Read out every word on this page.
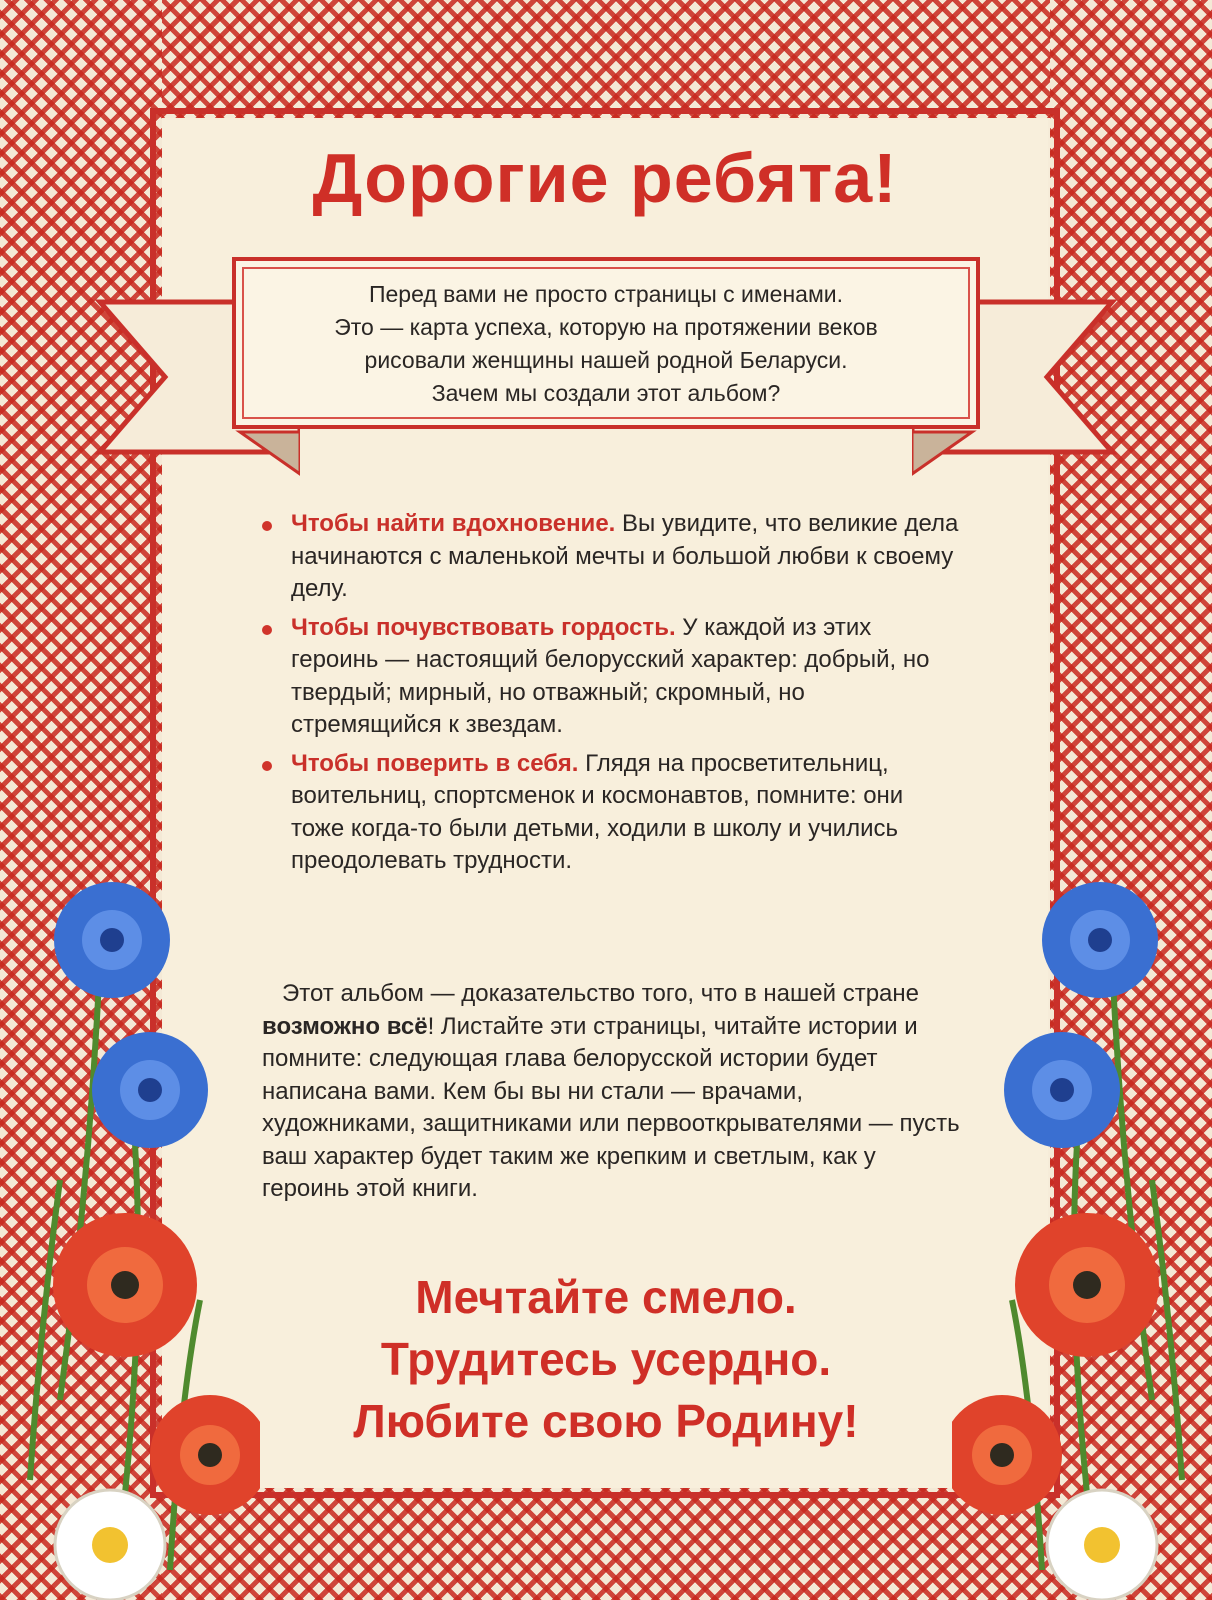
Дорогие ребята!
Перед вами не просто страницы с именами.
Это — карта успеха, которую на протяжении веков
рисовали женщины нашей родной Беларуси.
Зачем мы создали этот альбом?
Чтобы найти вдохновение. Вы увидите, что великие дела начинаются с маленькой мечты и большой любви к своему делу.
Чтобы почувствовать гордость. У каждой из этих героинь — настоящий белорусский характер: добрый, но твердый; мирный, но отважный; скромный, но стремящийся к звездам.
Чтобы поверить в себя. Глядя на просветительниц, воительниц, спортсменок и космонавтов, помните: они тоже когда-то были детьми, ходили в школу и учились преодолевать трудности.
Этот альбом — доказательство того, что в нашей стране возможно всё! Листайте эти страницы, читайте истории и помните: следующая глава белорусской истории будет написана вами. Кем бы вы ни стали — врачами, художниками, защитниками или первооткрывателями — пусть ваш характер будет таким же крепким и светлым, как у героинь этой книги.
Мечтайте смело.
Трудитесь усердно.
Любите свою Родину!
